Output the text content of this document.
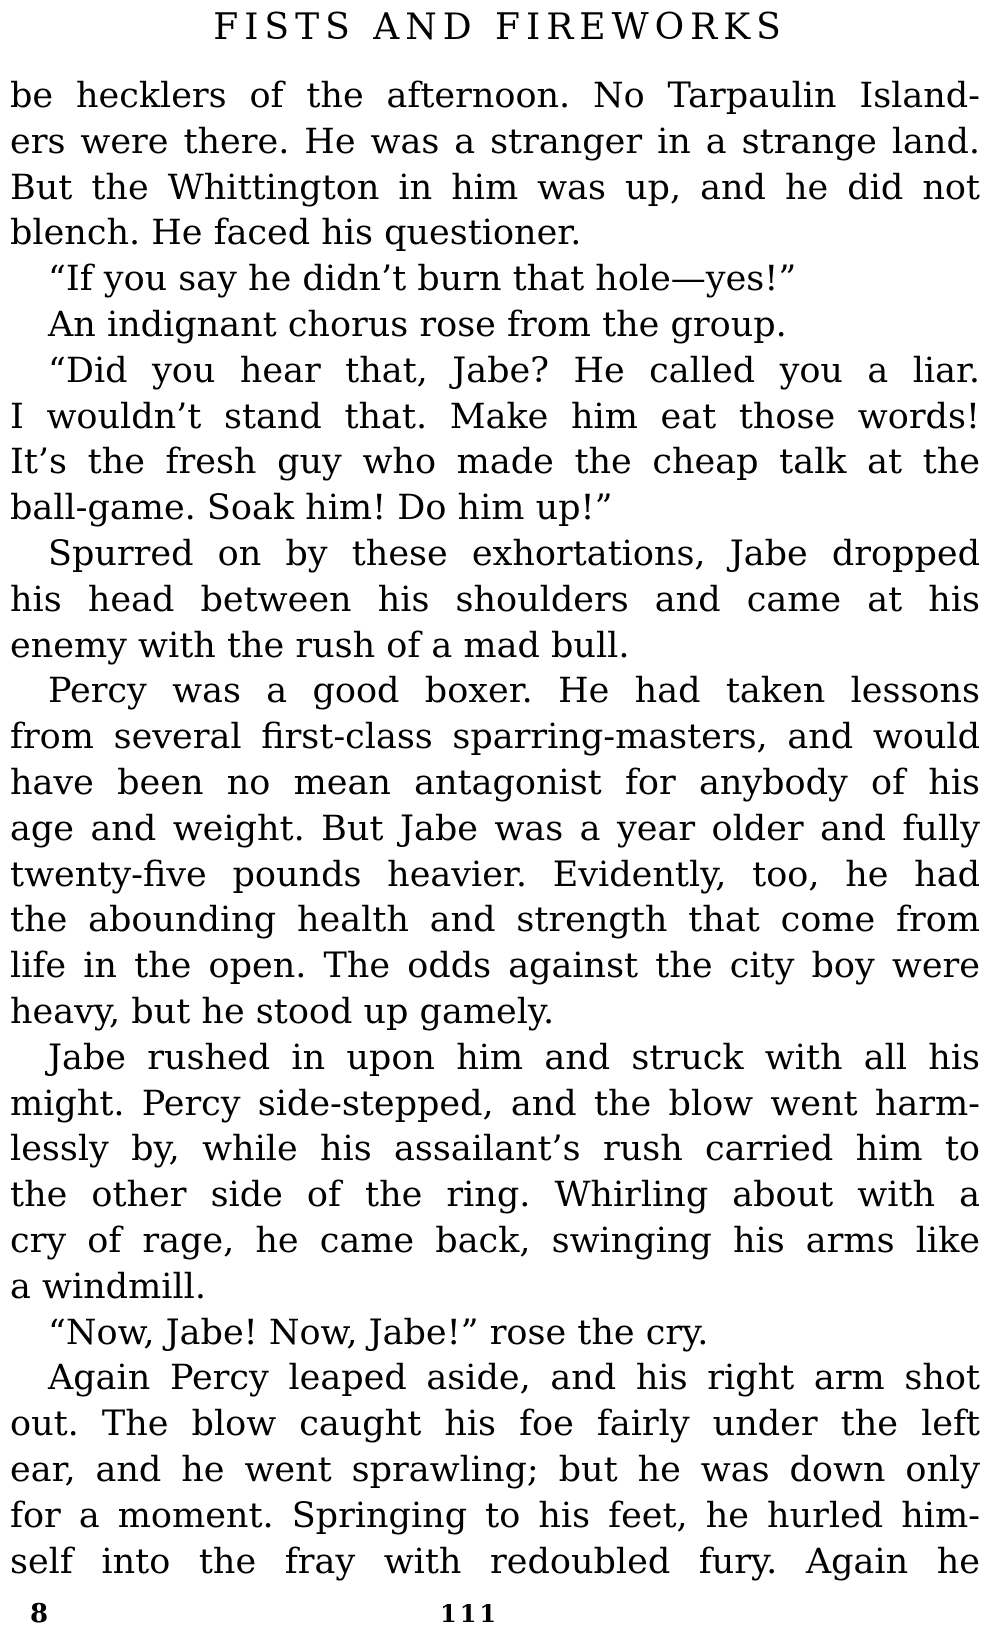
FISTS AND FIREWORKS
be hecklers of the afternoon. No Tarpaulin Island-
ers were there. He was a stranger in a strange land.
But the Whittington in him was up, and he did not
blench. He faced his questioner.
“If you say he didn’t burn that hole—yes!”
An indignant chorus rose from the group.
“Did you hear that, Jabe? He called you a liar.
I wouldn’t stand that. Make him eat those words!
It’s the fresh guy who made the cheap talk at the
ball-game. Soak him! Do him up!”
Spurred on by these exhortations, Jabe dropped
his head between his shoulders and came at his
enemy with the rush of a mad bull.
Percy was a good boxer. He had taken lessons
from several first-class sparring-masters, and would
have been no mean antagonist for anybody of his
age and weight. But Jabe was a year older and fully
twenty-five pounds heavier. Evidently, too, he had
the abounding health and strength that come from
life in the open. The odds against the city boy were
heavy, but he stood up gamely.
Jabe rushed in upon him and struck with all his
might. Percy side-stepped, and the blow went harm-
lessly by, while his assailant’s rush carried him to
the other side of the ring. Whirling about with a
cry of rage, he came back, swinging his arms like
a windmill.
“Now, Jabe! Now, Jabe!” rose the cry.
Again Percy leaped aside, and his right arm shot
out. The blow caught his foe fairly under the left
ear, and he went sprawling; but he was down only
for a moment. Springing to his feet, he hurled him-
self into the fray with redoubled fury. Again he
8	111
